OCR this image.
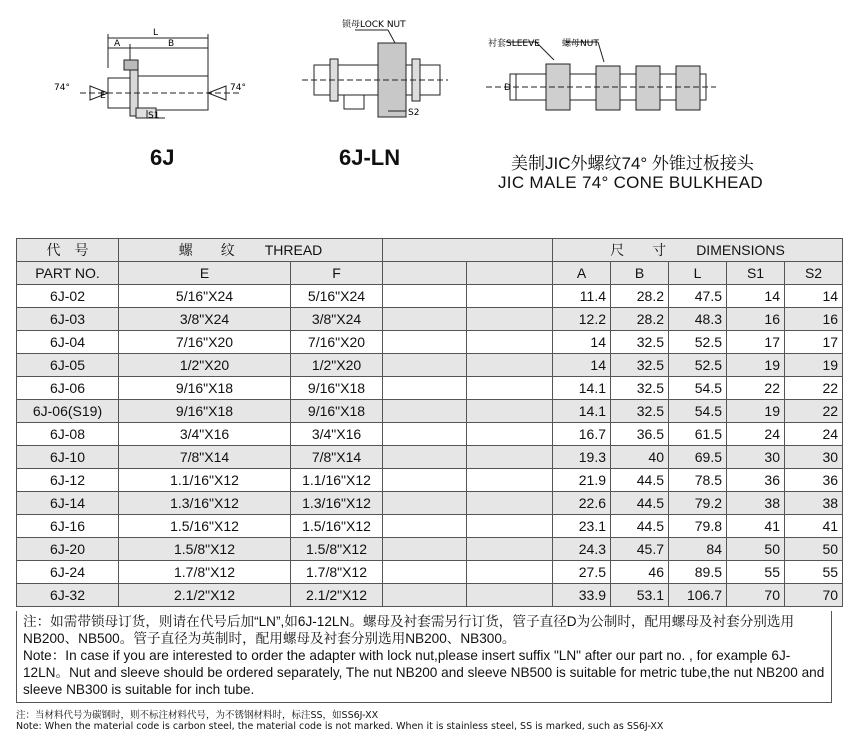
A	B
L
74°	74°
E
S1
锁母LOCK NUT
S2
衬套SLEEVE 螺母NUT
D
6J	6J-LN	美制JIC外螺纹74° 外锥过板接头
JIC MALE 74° CONE BULKHEAD
代　号	螺　　纹 THREAD				尺　　寸 DIMENSIONS				
PART NO.	E	F			A	B	L	S1	S2
6J-02	5/16"X24	5/16"X24			11.4	28.2	47.5	14	14
6J-03	3/8"X24	3/8"X24			12.2	28.2	48.3	16	16
6J-04	7/16"X20	7/16"X20			14	32.5	52.5	17	17
6J-05	1/2"X20	1/2"X20			14	32.5	52.5	19	19
6J-06	9/16"X18	9/16"X18			14.1	32.5	54.5	22	22
6J-06(S19)	9/16"X18	9/16"X18			14.1	32.5	54.5	19	22
6J-08	3/4"X16	3/4"X16			16.7	36.5	61.5	24	24
6J-10	7/8"X14	7/8"X14			19.3	40	69.5	30	30
6J-12	1.1/16"X12	1.1/16"X12			21.9	44.5	78.5	36	36
6J-14	1.3/16"X12	1.3/16"X12			22.6	44.5	79.2	38	38
6J-16	1.5/16"X12	1.5/16"X12			23.1	44.5	79.8	41	41
6J-20	1.5/8"X12	1.5/8"X12			24.3	45.7	84	50	50
6J-24	1.7/8"X12	1.7/8"X12			27.5	46	89.5	55	55
6J-32	2.1/2"X12	2.1/2"X12			33.9	53.1	106.7	70	70
注：如需带锁母订货，则请在代号后加“LN”,如6J-12LN。螺母及衬套需另行订货，管子直径D为公制时，配用螺母及衬套分别选用NB200、NB500。管子直径为英制时，配用螺母及衬套分别选用NB200、NB300。
Note：In case if you are interested to order the adapter with lock nut,please insert suffix "LN" after our part no. , for example 6J-12LN。Nut and sleeve should be ordered separately, The nut NB200 and sleeve NB500 is suitable for metric tube,the nut NB200 and sleeve NB300 is suitable for inch tube.
注：当材料代号为碳钢时，则不标注材料代号，为不锈钢材料时，标注SS，如SS6J-XX
Note: When the material code is carbon steel, the material code is not marked. When it is stainless steel, SS is marked, such as SS6J-XX
